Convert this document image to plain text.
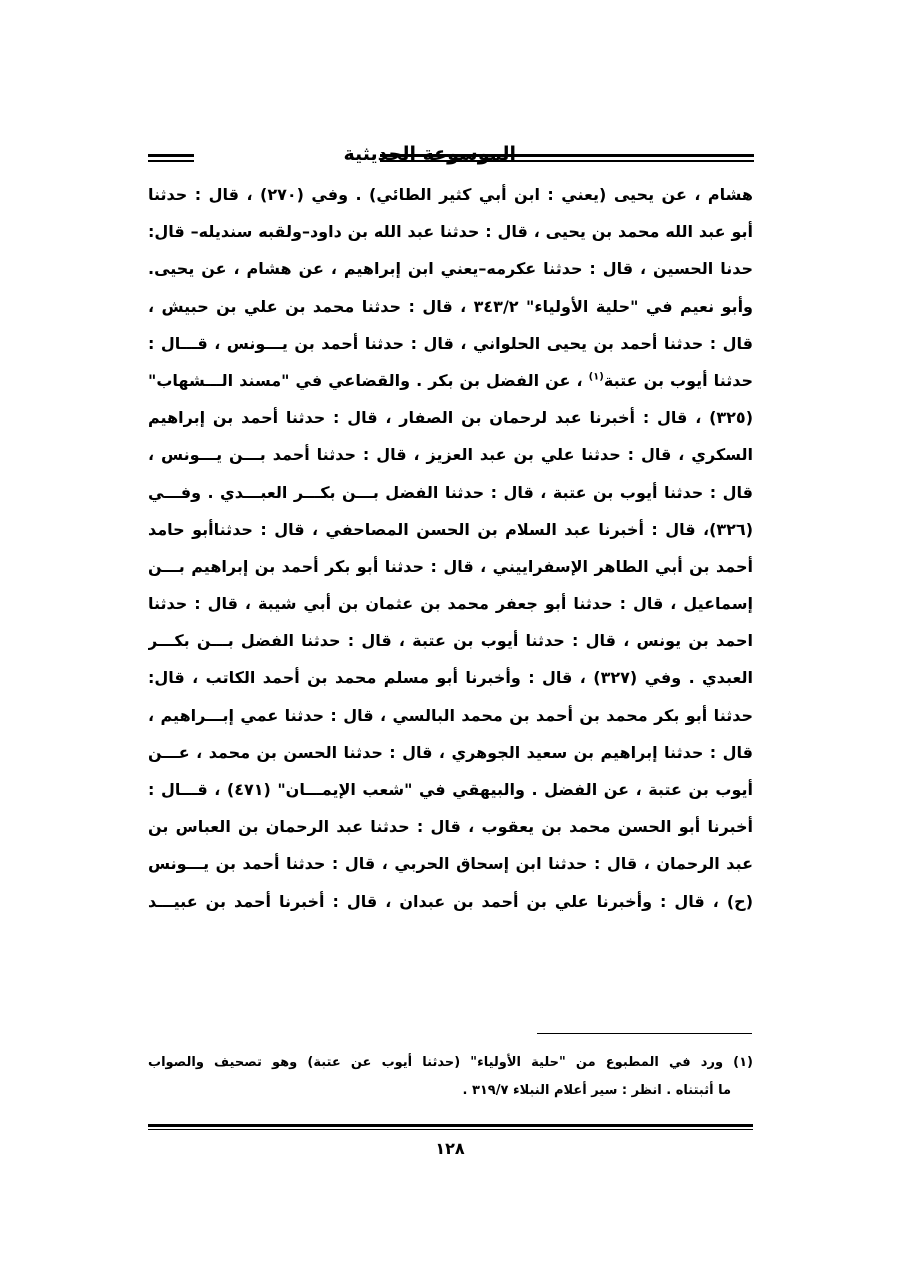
الموسوعة الحديثية
هشام ، عن يحيى (يعني : ابن أبي كثير الطائي) . وفي (٢٧٠) ، قال : حدثنا
أبو عبد الله محمد بن يحيى ، قال : حدثنا عبد الله بن داود–ولقبه سنديله– قال:
حدنا الحسين ، قال : حدثنا عكرمه–يعني ابن إبراهيم ، عن هشام ، عن يحيى.
وأبو نعيم في "حلية الأولياء" ٣٤٣/٢ ، قال : حدثنا محمد بن علي بن حبيش ،
قال : حدثنا أحمد بن يحيى الحلواني ، قال : حدثنا أحمد بن يـــونس ، قـــال :
حدثنا أيوب بن عتبة$^{(١)}$ ، عن الفضل بن بكر . والقضاعي في "مسند الـــشهاب"
(٣٢٥) ، قال : أخبرنا عبد لرحمان بن الصفار ، قال : حدثنا أحمد بن إبراهيم
السكري ، قال : حدثنا علي بن عبد العزيز ، قال : حدثنا أحمد بـــن يـــونس ،
قال : حدثنا أيوب بن عتبة ، قال : حدثنا الفضل بـــن بكـــر العبـــدي . وفـــي
(٣٢٦)، قال : أخبرنا عبد السلام بن الحسن المصاحفي ، قال : حدثناأبو حامد
أحمد بن أبي الطاهر الإسفراييني ، قال : حدثنا أبو بكر أحمد بن إبراهيم بـــن
إسماعيل ، قال : حدثنا أبو جعفر محمد بن عثمان بن أبي شيبة ، قال : حدثنا
احمد بن يونس ، قال : حدثنا أيوب بن عتبة ، قال : حدثنا الفضل بـــن بكـــر
العبدي . وفي (٣٢٧) ، قال : وأخبرنا أبو مسلم محمد بن أحمد الكاتب ، قال:
حدثنا أبو بكر محمد بن أحمد بن محمد البالسي ، قال : حدثنا عمي إبـــراهيم ،
قال : حدثنا إبراهيم بن سعيد الجوهري ، قال : حدثنا الحسن بن محمد ، عـــن
أيوب بن عتبة ، عن الفضل . والبيهقي في "شعب الإيمـــان" (٤٧١) ، قـــال :
أخبرنا أبو الحسن محمد بن يعقوب ، قال : حدثنا عبد الرحمان بن العباس بن
عبد الرحمان ، قال : حدثنا ابن إسحاق الحربي ، قال : حدثنا أحمد بن يـــونس
(ح) ، قال : وأخبرنا علي بن أحمد بن عبدان ، قال : أخبرنا أحمد بن عبيـــد
(١) ورد في المطبوع من "حلية الأولياء" (حدثنا أيوب عن عتبة) وهو تصحيف والصواب
ما أثبتناه . انظر : سير أعلام النبلاء ٣١٩/٧ .
١٢٨
